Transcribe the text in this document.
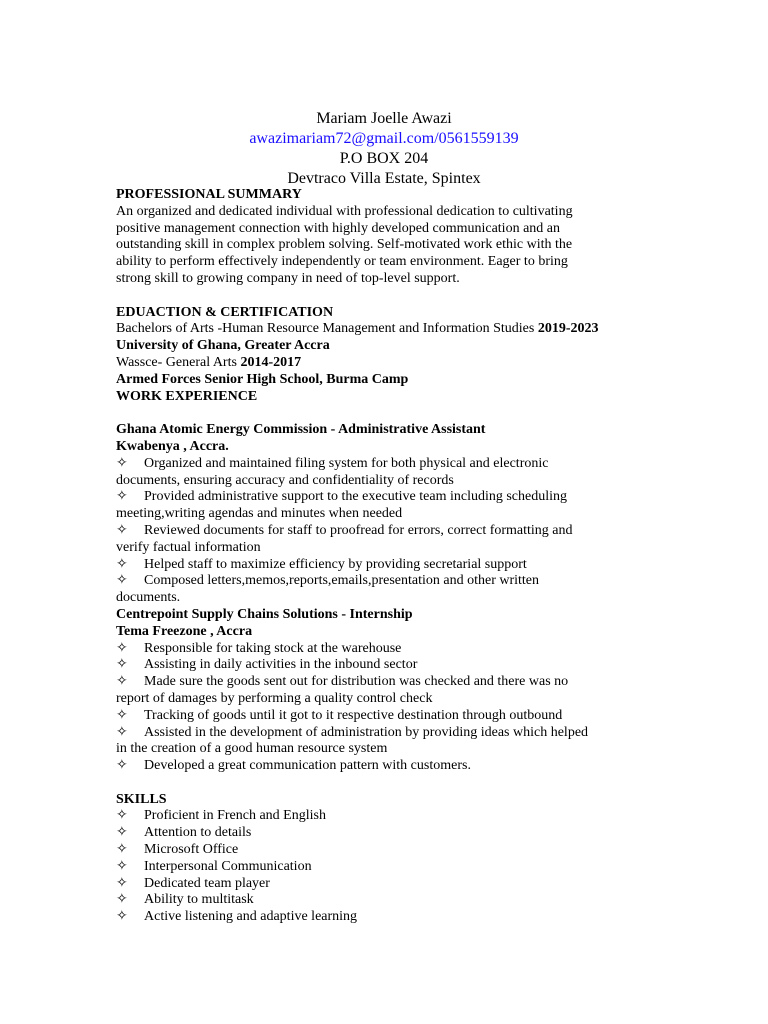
Mariam Joelle Awazi
awazimariam72@gmail.com/0561559139
P.O BOX 204
Devtraco Villa Estate, Spintex
PROFESSIONAL SUMMARY
An organized and dedicated individual with professional dedication to cultivating
positive management connection with highly developed communication and an
outstanding skill in complex problem solving. Self-motivated work ethic with the
ability to perform effectively independently or team environment. Eager to bring
strong skill to growing company in need of top-level support.
EDUACTION & CERTIFICATION
Bachelors of Arts -Human Resource Management and Information Studies 2019-2023
University of Ghana, Greater Accra
Wassce- General Arts 2014-2017
Armed Forces Senior High School, Burma Camp
WORK EXPERIENCE
Ghana Atomic Energy Commission - Administrative Assistant
Kwabenya , Accra.
✧ Organized and maintained filing system for both physical and electronic
documents, ensuring accuracy and confidentiality of records
✧ Provided administrative support to the executive team including scheduling
meeting,writing agendas and minutes when needed
✧ Reviewed documents for staff to proofread for errors, correct formatting and
verify factual information
✧ Helped staff to maximize efficiency by providing secretarial support
✧ Composed letters,memos,reports,emails,presentation and other written
documents.
Centrepoint Supply Chains Solutions - Internship
Tema Freezone , Accra
✧ Responsible for taking stock at the warehouse
✧ Assisting in daily activities in the inbound sector
✧ Made sure the goods sent out for distribution was checked and there was no
report of damages by performing a quality control check
✧ Tracking of goods until it got to it respective destination through outbound
✧ Assisted in the development of administration by providing ideas which helped
in the creation of a good human resource system
✧ Developed a great communication pattern with customers.
SKILLS
✧ Proficient in French and English
✧ Attention to details
✧ Microsoft Office
✧ Interpersonal Communication
✧ Dedicated team player
✧ Ability to multitask
✧ Active listening and adaptive learning
